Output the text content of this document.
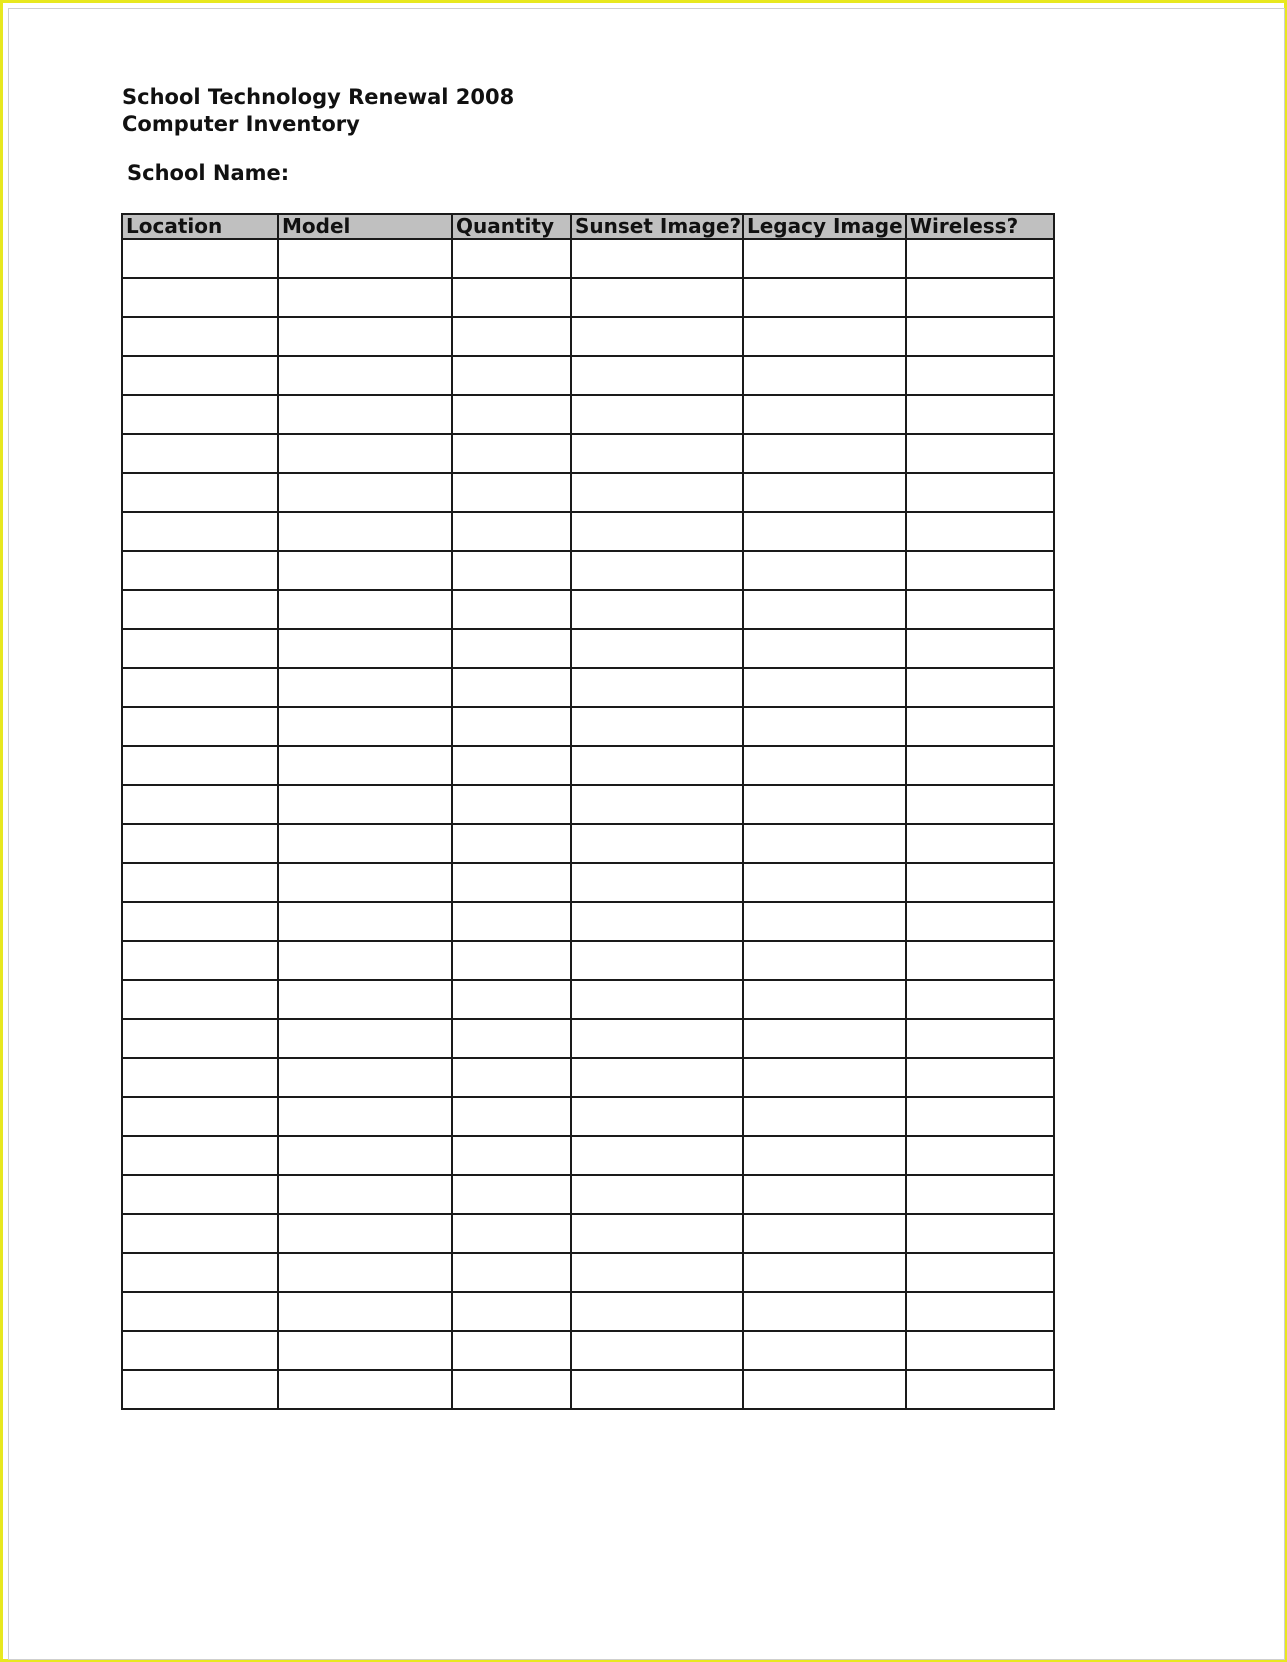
School Technology Renewal 2008
Computer Inventory
School Name:
Location	Model	Quantity	Sunset Image?	Legacy Image	Wireless?
